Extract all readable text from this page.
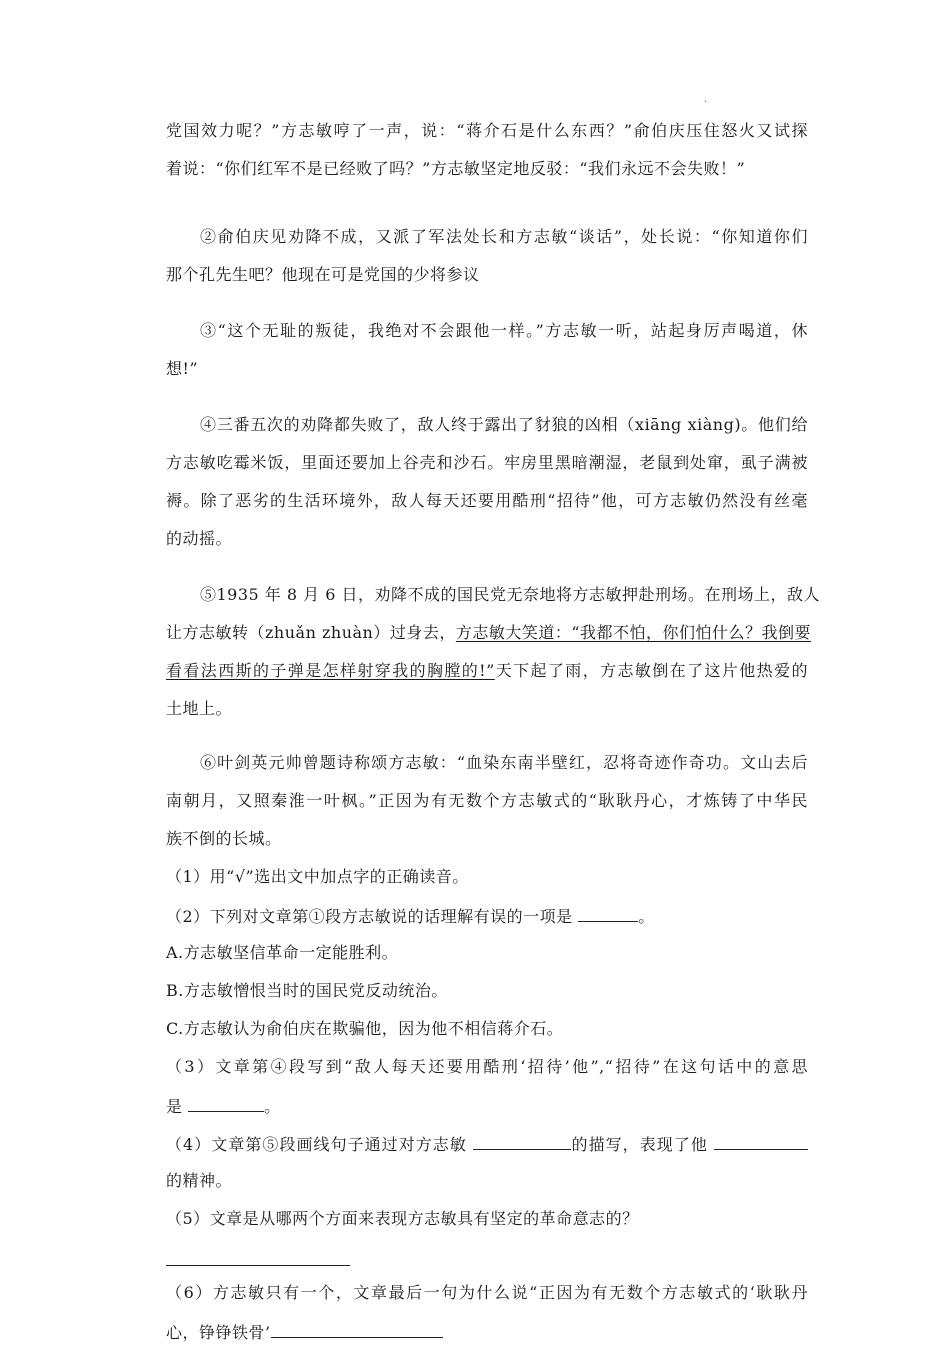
.
党国效力呢？”方志敏哼了一声，说：“蒋介石是什么东西？”俞伯庆压住怒火又试探
着说：“你们红军不是已经败了吗？”方志敏坚定地反驳：“我们永远不会失败！”
②俞伯庆见劝降不成，又派了军法处长和方志敏“谈话”，处长说：“你知道你们
那个孔先生吧？他现在可是党国的少将参议
③“这个无耻的叛徒，我绝对不会跟他一样。”方志敏一听，站起身厉声喝道，休
想!”
④三番五次的劝降都失败了，敌人终于露出了豺狼的凶相（xiāng xiàng)。他们给
方志敏吃霉米饭，里面还要加上谷壳和沙石。牢房里黑暗潮湿，老鼠到处窜，虱子满被
褥。除了恶劣的生活环境外，敌人每天还要用酷刑“招待”他，可方志敏仍然没有丝毫
的动摇。
⑤1935 年 8 月 6 日，劝降不成的国民党无奈地将方志敏押赴刑场。在刑场上，敌人
让方志敏转（zhuǎn zhuàn）过身去，方志敏大笑道：“我都不怕，你们怕什么？我倒要
看看法西斯的子弹是怎样射穿我的胸膛的!”天下起了雨，方志敏倒在了这片他热爱的
土地上。
⑥叶剑英元帅曾题诗称颂方志敏：“血染东南半壁红，忍将奇迹作奇功。文山去后
南朝月，又照秦淮一叶枫。”正因为有无数个方志敏式的“耿耿丹心，才炼铸了中华民
族不倒的长城。
（1）用“√”选出文中加点字的正确读音。
（2）下列对文章第①段方志敏说的话理解有误的一项是	。
A.方志敏坚信革命一定能胜利。
B.方志敏憎恨当时的国民党反动统治。
C.方志敏认为俞伯庆在欺骗他，因为他不相信蒋介石。
（3）文章第④段写到“敌人每天还要用酷刑‘招待’他”,“招待”在这句话中的意思
是	。
（4）文章第⑤段画线句子通过对方志敏	的描写，表现了他
的精神。
（5）文章是从哪两个方面来表现方志敏具有坚定的革命意志的？
（6）方志敏只有一个，文章最后一句为什么说“正因为有无数个方志敏式的‘耿耿丹
心，铮铮铁骨’
